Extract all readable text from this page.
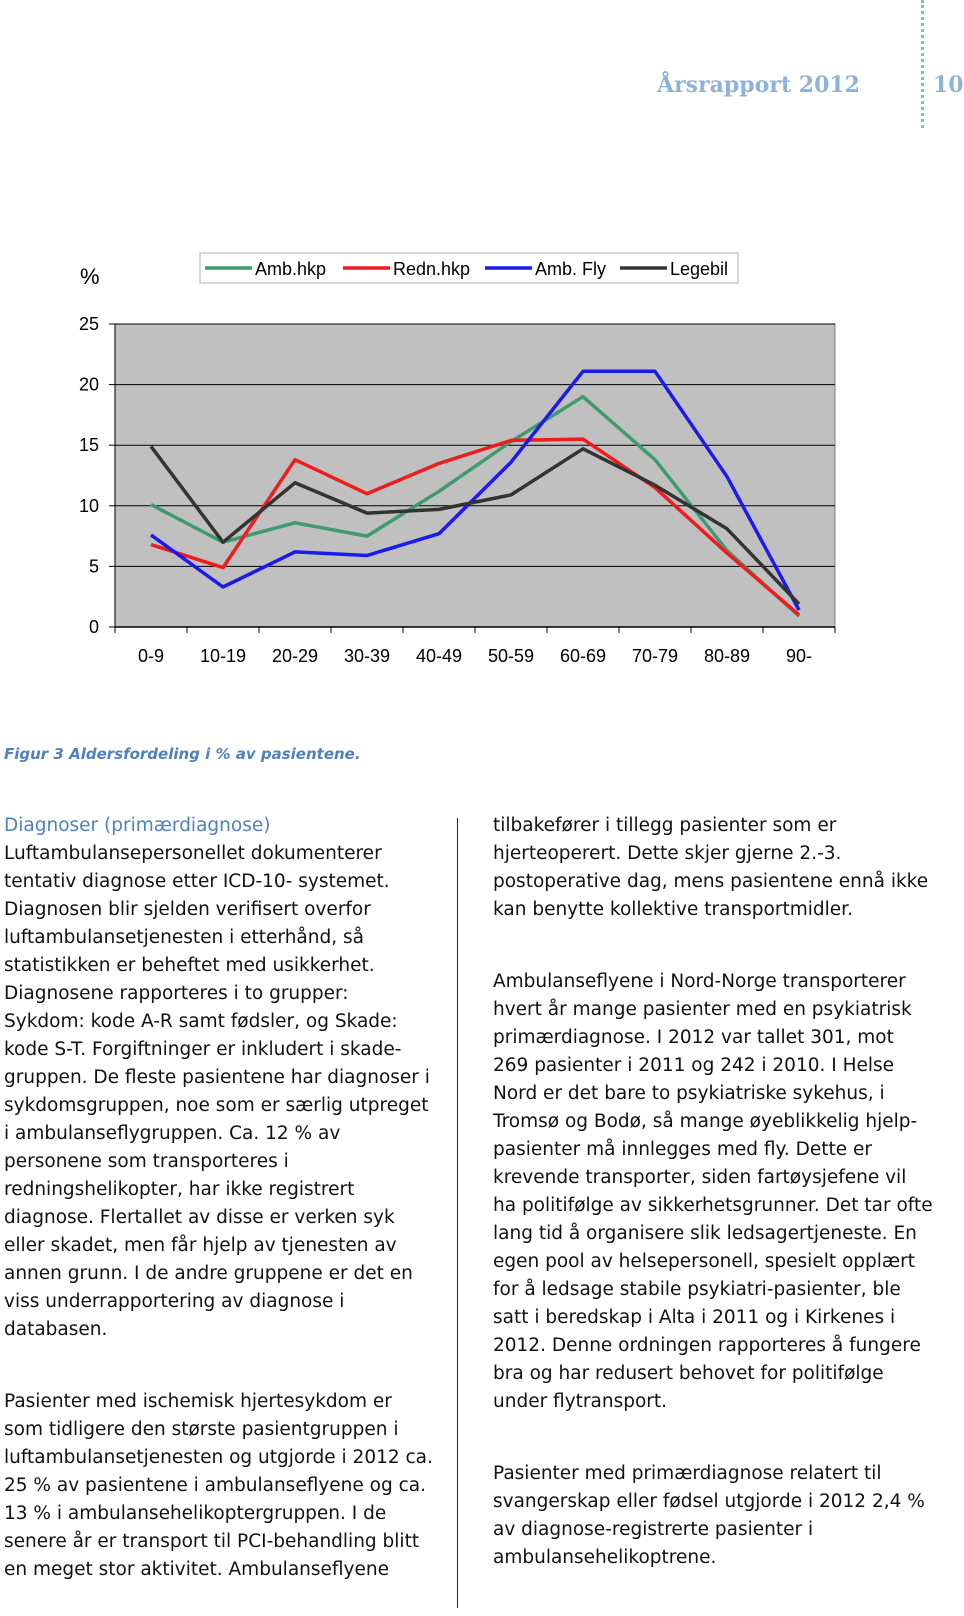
Årsrapport 2012	10
0
5
10
15
20
25
0-9 10-19 20-29 30-39 40-49 50-59 60-69 70-79 80-89 90-
%	Amb.hkp	Redn.hkp	Amb. Fly	Legebil
Figur 3 Aldersfordeling i % av pasientene.
Diagnoser (primærdiagnose)

Luftambulansepersonellet dokumenterer tentativ diagnose etter ICD-10- systemet. Diagnosen blir sjelden verifisert overfor luftambulansetjenesten i etterhånd, så statistikken er beheftet med usikkerhet. Diagnosene rapporteres i to grupper: Sykdom: kode A-R samt fødsler, og Skade: kode S-T. Forgiftninger er inkludert i skade-gruppen. De fleste pasientene har diagnoser i sykdomsgruppen, noe som er særlig utpreget i ambulanseflygruppen. Ca. 12 % av personene som transporteres i redningshelikopter, har ikke registrert diagnose. Flertallet av disse er verken syk eller skadet, men får hjelp av tjenesten av annen grunn. I de andre gruppene er det en viss underrapportering av diagnose i databasen.

Pasienter med ischemisk hjertesykdom er som tidligere den største pasientgruppen i luftambulansetjenesten og utgjorde i 2012 ca. 25 % av pasientene i ambulanseflyene og ca. 13 % i ambulansehelikoptergruppen. I de senere år er transport til PCI-behandling blitt en meget stor aktivitet. Ambulanseflyene

tilbakefører i tillegg pasienter som er hjerteoperert. Dette skjer gjerne 2.-3. postoperative dag, mens pasientene ennå ikke kan benytte kollektive transportmidler.

Ambulanseflyene i Nord-Norge transporterer hvert år mange pasienter med en psykiatrisk primærdiagnose. I 2012 var tallet 301, mot 269 pasienter i 2011 og 242 i 2010. I Helse Nord er det bare to psykiatriske sykehus, i Tromsø og Bodø, så mange øyeblikkelig hjelp-pasienter må innlegges med fly. Dette er krevende transporter, siden fartøysjefene vil ha politifølge av sikkerhetsgrunner. Det tar ofte lang tid å organisere slik ledsagertjeneste. En egen pool av helsepersonell, spesielt opplært for å ledsage stabile psykiatri-pasienter, ble satt i beredskap i Alta i 2011 og i Kirkenes i 2012. Denne ordningen rapporteres å fungere bra og har redusert behovet for politifølge under flytransport.

Pasienter med primærdiagnose relatert til svangerskap eller fødsel utgjorde i 2012 2,4 % av diagnose-registrerte pasienter i ambulansehelikoptrene.
